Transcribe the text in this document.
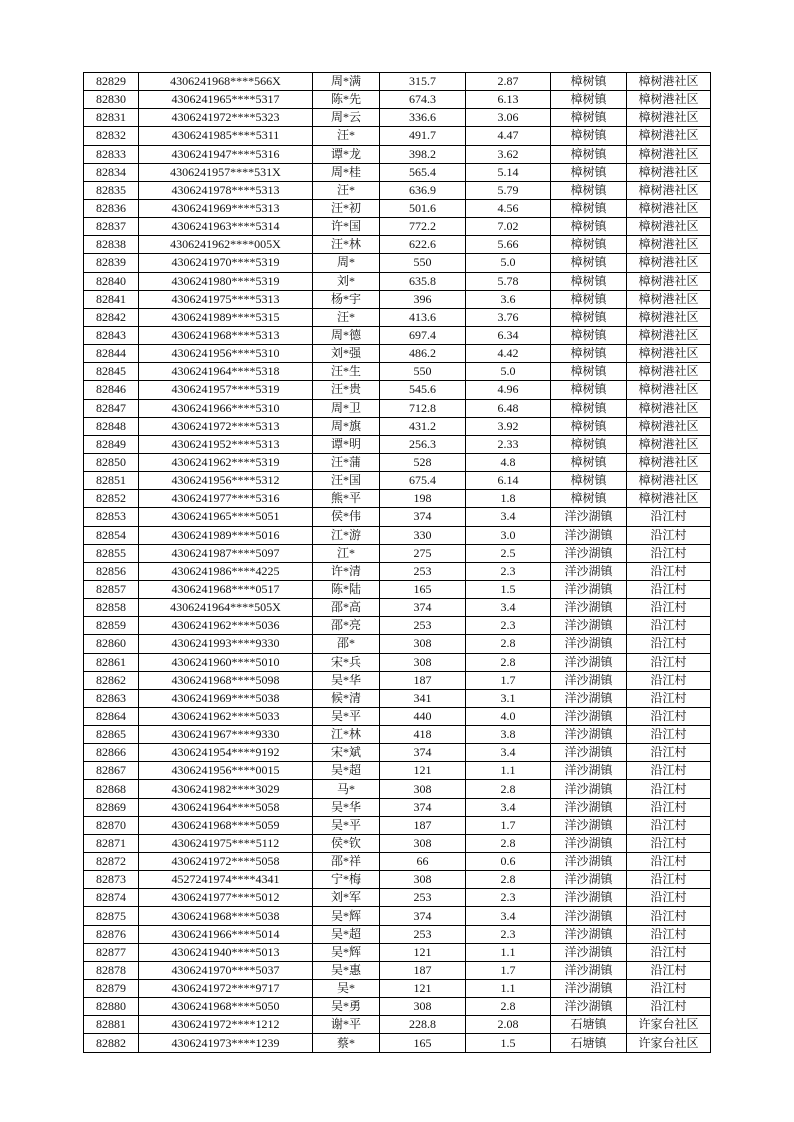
82829	4306241968****566X	周*满	315.7	2.87	樟树镇	樟树港社区
82830	4306241965****5317	陈*先	674.3	6.13	樟树镇	樟树港社区
82831	4306241972****5323	周*云	336.6	3.06	樟树镇	樟树港社区
82832	4306241985****5311	汪*	491.7	4.47	樟树镇	樟树港社区
82833	4306241947****5316	谭*龙	398.2	3.62	樟树镇	樟树港社区
82834	4306241957****531X	周*桂	565.4	5.14	樟树镇	樟树港社区
82835	4306241978****5313	汪*	636.9	5.79	樟树镇	樟树港社区
82836	4306241969****5313	汪*初	501.6	4.56	樟树镇	樟树港社区
82837	4306241963****5314	许*国	772.2	7.02	樟树镇	樟树港社区
82838	4306241962****005X	汪*林	622.6	5.66	樟树镇	樟树港社区
82839	4306241970****5319	周*	550	5.0	樟树镇	樟树港社区
82840	4306241980****5319	刘*	635.8	5.78	樟树镇	樟树港社区
82841	4306241975****5313	杨*宇	396	3.6	樟树镇	樟树港社区
82842	4306241989****5315	汪*	413.6	3.76	樟树镇	樟树港社区
82843	4306241968****5313	周*德	697.4	6.34	樟树镇	樟树港社区
82844	4306241956****5310	刘*强	486.2	4.42	樟树镇	樟树港社区
82845	4306241964****5318	汪*生	550	5.0	樟树镇	樟树港社区
82846	4306241957****5319	汪*贵	545.6	4.96	樟树镇	樟树港社区
82847	4306241966****5310	周*卫	712.8	6.48	樟树镇	樟树港社区
82848	4306241972****5313	周*旗	431.2	3.92	樟树镇	樟树港社区
82849	4306241952****5313	谭*明	256.3	2.33	樟树镇	樟树港社区
82850	4306241962****5319	汪*蒲	528	4.8	樟树镇	樟树港社区
82851	4306241956****5312	汪*国	675.4	6.14	樟树镇	樟树港社区
82852	4306241977****5316	熊*平	198	1.8	樟树镇	樟树港社区
82853	4306241965****5051	侯*伟	374	3.4	洋沙湖镇	沿江村
82854	4306241989****5016	江*游	330	3.0	洋沙湖镇	沿江村
82855	4306241987****5097	江*	275	2.5	洋沙湖镇	沿江村
82856	4306241986****4225	许*清	253	2.3	洋沙湖镇	沿江村
82857	4306241968****0517	陈*陆	165	1.5	洋沙湖镇	沿江村
82858	4306241964****505X	邵*高	374	3.4	洋沙湖镇	沿江村
82859	4306241962****5036	邵*亮	253	2.3	洋沙湖镇	沿江村
82860	4306241993****9330	邵*	308	2.8	洋沙湖镇	沿江村
82861	4306241960****5010	宋*兵	308	2.8	洋沙湖镇	沿江村
82862	4306241968****5098	吴*华	187	1.7	洋沙湖镇	沿江村
82863	4306241969****5038	候*清	341	3.1	洋沙湖镇	沿江村
82864	4306241962****5033	吴*平	440	4.0	洋沙湖镇	沿江村
82865	4306241967****9330	江*林	418	3.8	洋沙湖镇	沿江村
82866	4306241954****9192	宋*斌	374	3.4	洋沙湖镇	沿江村
82867	4306241956****0015	吴*超	121	1.1	洋沙湖镇	沿江村
82868	4306241982****3029	马*	308	2.8	洋沙湖镇	沿江村
82869	4306241964****5058	吴*华	374	3.4	洋沙湖镇	沿江村
82870	4306241968****5059	吴*平	187	1.7	洋沙湖镇	沿江村
82871	4306241975****5112	侯*钦	308	2.8	洋沙湖镇	沿江村
82872	4306241972****5058	邵*祥	66	0.6	洋沙湖镇	沿江村
82873	4527241974****4341	宁*梅	308	2.8	洋沙湖镇	沿江村
82874	4306241977****5012	刘*军	253	2.3	洋沙湖镇	沿江村
82875	4306241968****5038	吴*辉	374	3.4	洋沙湖镇	沿江村
82876	4306241966****5014	吴*超	253	2.3	洋沙湖镇	沿江村
82877	4306241940****5013	吴*辉	121	1.1	洋沙湖镇	沿江村
82878	4306241970****5037	吴*惠	187	1.7	洋沙湖镇	沿江村
82879	4306241972****9717	吴*	121	1.1	洋沙湖镇	沿江村
82880	4306241968****5050	吴*勇	308	2.8	洋沙湖镇	沿江村
82881	4306241972****1212	谢*平	228.8	2.08	石塘镇	许家台社区
82882	4306241973****1239	蔡*	165	1.5	石塘镇	许家台社区
